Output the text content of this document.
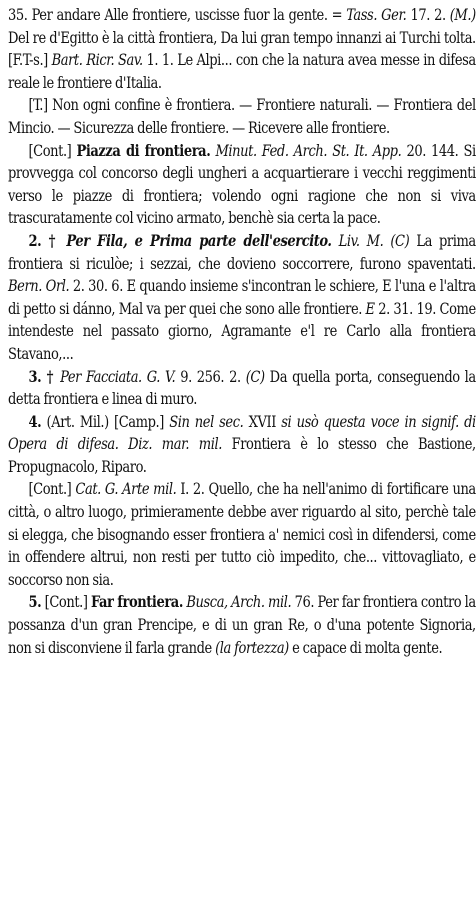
35. Per andare Alle frontiere, uscisse fuor la gente. = Tass. Ger. 17. 2. (M.) Del re d'Egitto è la città frontiera, Da lui gran tempo innanzi ai Turchi tolta. [F.T-s.] Bart. Ricr. Sav. 1. 1. Le Alpi... con che la natura avea messe in difesa reale le frontiere d'Italia.

[T.] Non ogni confine è frontiera. — Frontiere naturali. — Frontiera del Mincio. — Sicurezza delle frontiere. — Ricevere alle frontiere.

[Cont.] Piazza di frontiera. Minut. Fed. Arch. St. It. App. 20. 144. Si provvegga col concorso degli ungheri a acquartierare i vecchi reggimenti verso le piazze di frontiera; volendo ogni ragione che non si viva trascuratamente col vicino armato, benchè sia certa la pace.

2. † Per Fila, e Prima parte dell'esercito. Liv. M. (C) La prima frontiera si riculòe; i sezzai, che dovieno soccorrere, furono spaventati. Bern. Orl. 2. 30. 6. E quando insieme s'incontran le schiere, E l'una e l'altra di petto si dánno, Mal va per quei che sono alle frontiere. E 2. 31. 19. Come intendeste nel passato giorno, Agramante e'l re Carlo alla frontiera Stavano,...

3. † Per Facciata. G. V. 9. 256. 2. (C) Da quella porta, conseguendo la detta frontiera e linea di muro.

4. (Art. Mil.) [Camp.] Sin nel sec. XVII si usò questa voce in signif. di Opera di difesa. Diz. mar. mil. Frontiera è lo stesso che Bastione, Propugnacolo, Riparo.

[Cont.] Cat. G. Arte mil. I. 2. Quello, che ha nell'animo di fortificare una città, o altro luogo, primieramente debbe aver riguardo al sito, perchè tale si elegga, che bisognando esser frontiera a' nemici così in difendersi, come in offendere altrui, non resti per tutto ciò impedito, che... vittovagliato, e soccorso non sia.

5. [Cont.] Far frontiera. Busca, Arch. mil. 76. Per far frontiera contro la possanza d'un gran Prencipe, e di un gran Re, o d'una potente Signoria, non si disconviene il farla grande (la fortezza) e capace di molta gente.
